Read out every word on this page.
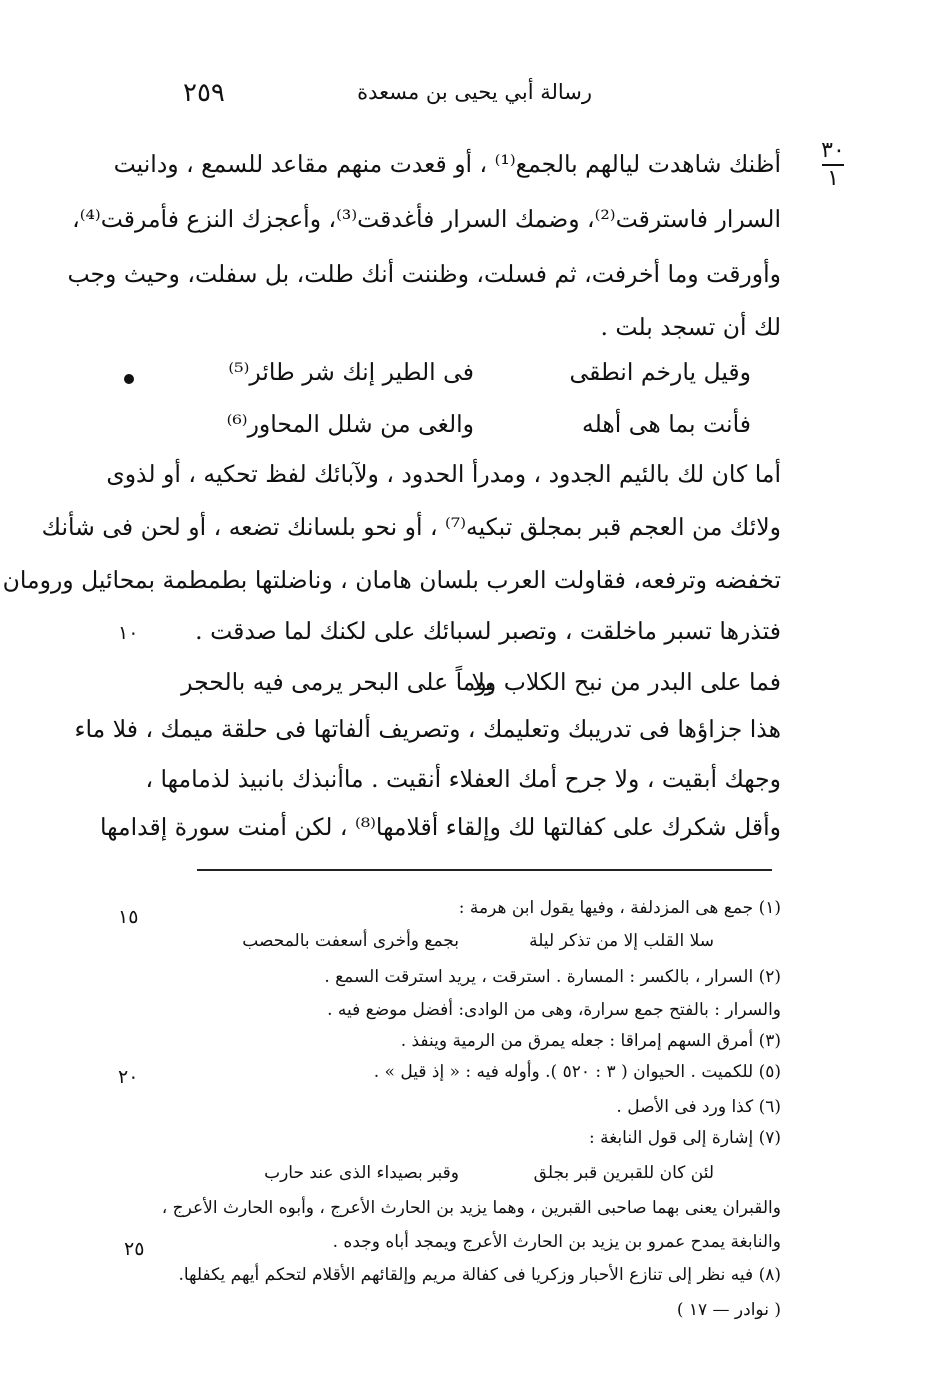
٢٥٩	رسالة أبي يحيى بن مسعدة
٣٠
١
أظنك شاهدت ليالهم بالجمع⁽¹⁾ ، أو قعدت منهم مقاعد للسمع ، ودانيت
السرار فاسترقت⁽²⁾، وضمك السرار فأغدقت⁽³⁾، وأعجزك النزع فأمرقت⁽⁴⁾،
وأورقت وما أخرفت، ثم فسلت، وظننت أنك طلت، بل سفلت، وحيث وجب
لك أن تسجد بلت .
وقيل يارخم انطقى
فى الطير إنك شر طائر⁽⁵⁾
فأنت بما هى أهله
والغى من شلل المحاور⁽⁶⁾
أما كان لك بالئيم الجدود ، ومدرأ الحدود ، ولآبائك لفظ تحكيه ، أو لذوى
ولائك من العجم قبر بمجلق تبكيه⁽⁷⁾ ، أو نحو بلسانك تضعه ، أو لحن فى شأنك
تخفضه وترفعه، فقاولت العرب بلسان هامان ، وناضلتها بطمطمة بمحائيل ورومان
فتذرها تسبر ماخلقت ، وتصبر لسبائك على لكنك لما صدقت .
١٠
فما على البدر من نبح الكلاب ولا
يوماً على البحر يرمى فيه بالحجر
هذا جزاؤها فى تدريبك وتعليمك ، وتصريف ألفاتها فى حلقة ميمك ، فلا ماء
وجهك أبقيت ، ولا جرح أمك العفلاء أنقيت . ماأنبذك بانبيذ لذمامها ،
وأقل شكرك على كفالتها لك وإلقاء أقلامها⁽⁸⁾ ، لكن أمنت سورة إقدامها
(١) جمع هى المزدلفة ، وفيها يقول ابن هرمة :
١٥
سلا القلب إلا من تذكر ليلة
بجمع وأخرى أسعفت بالمحصب
(٢) السرار ، بالكسر : المسارة . استرقت ، يريد استرقت السمع .
والسرار : بالفتح جمع سرارة، وهى من الوادى: أفضل موضع فيه .
(٣) أمرق السهم إمراقا : جعله يمرق من الرمية وينفذ .
(٥) للكميت . الحيوان ( ٣ : ٥٢٠ ). وأوله فيه : « إذ قيل » .
٢٠
(٦) كذا ورد فى الأصل .
(٧) إشارة إلى قول النابغة :
لئن كان للقبرين قبر بجلق
وقبر بصيداء الذى عند حارب
والقبران يعنى بهما صاحبى القبرين ، وهما يزيد بن الحارث الأعرج ، وأبوه الحارث الأعرج ،
والنابغة يمدح عمرو بن يزيد بن الحارث الأعرج ويمجد أباه وجده .
٢٥
(٨) فيه نظر إلى تنازع الأحبار وزكريا فى كفالة مريم وإلقائهم الأقلام لتحكم أيهم يكفلها.
( نوادر — ١٧ )
